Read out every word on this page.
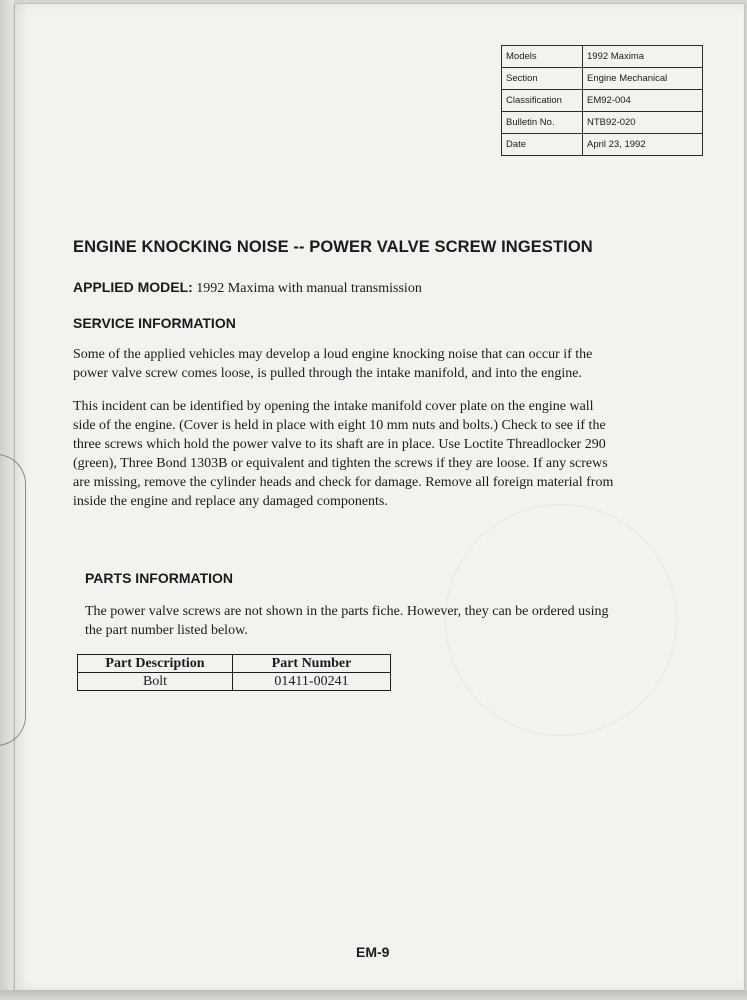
Models	1992 Maxima
Section	Engine Mechanical
Classification	EM92-004
Bulletin No.	NTB92-020
Date	April 23, 1992
ENGINE KNOCKING NOISE -- POWER VALVE SCREW INGESTION
APPLIED MODEL: 1992 Maxima with manual transmission
SERVICE INFORMATION

Some of the applied vehicles may develop a loud engine knocking noise that can occur if the
power valve screw comes loose, is pulled through the intake manifold, and into the engine.

This incident can be identified by opening the intake manifold cover plate on the engine wall
side of the engine. (Cover is held in place with eight 10 mm nuts and bolts.) Check to see if the
three screws which hold the power valve to its shaft are in place. Use Loctite Threadlocker 290
(green), Three Bond 1303B or equivalent and tighten the screws if they are loose. If any screws
are missing, remove the cylinder heads and check for damage. Remove all foreign material from
inside the engine and replace any damaged components.

PARTS INFORMATION

The power valve screws are not shown in the parts fiche. However, they can be ordered using
the part number listed below.

Part Description	Part Number
Bolt	01411-00241
EM-9
